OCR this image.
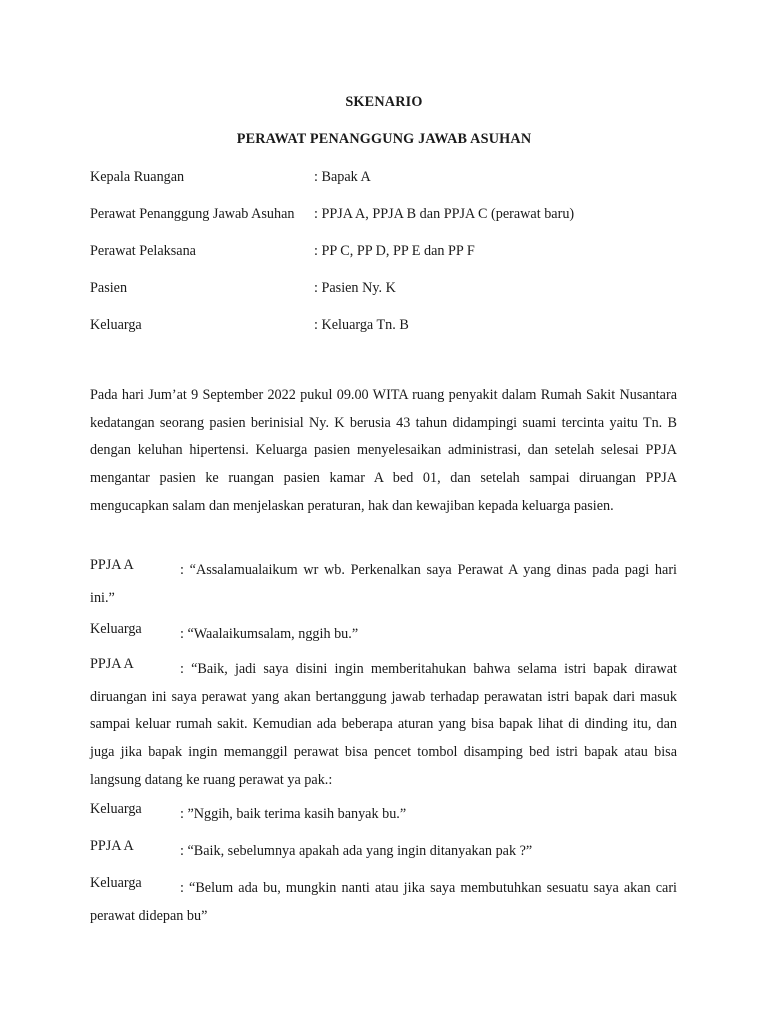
SKENARIO
PERAWAT PENANGGUNG JAWAB ASUHAN
Kepala Ruangan	: Bapak A
Perawat Penanggung Jawab Asuhan : PPJA A, PPJA B dan PPJA C (perawat baru)
Perawat Pelaksana	: PP C, PP D, PP E dan PP F
Pasien	: Pasien Ny. K
Keluarga	: Keluarga Tn. B

Pada hari Jum’at 9 September 2022 pukul 09.00 WITA ruang penyakit dalam Rumah Sakit Nusantara kedatangan seorang pasien berinisial Ny. K berusia 43 tahun didampingi suami tercinta yaitu Tn. B dengan keluhan hipertensi. Keluarga pasien menyelesaikan administrasi, dan setelah selesai PPJA mengantar pasien ke ruangan pasien kamar A bed 01, dan setelah sampai diruangan PPJA mengucapkan salam dan menjelaskan peraturan, hak dan kewajiban kepada keluarga pasien.

PPJA A	: “Assalamualaikum wr wb. Perkenalkan saya Perawat A yang dinas pada pagi hari ini.”

Keluarga	: “Waalaikumsalam, nggih bu.”

PPJA A	: “Baik, jadi saya disini ingin memberitahukan bahwa selama istri bapak dirawat diruangan ini saya perawat yang akan bertanggung jawab terhadap perawatan istri bapak dari masuk sampai keluar rumah sakit. Kemudian ada beberapa aturan yang bisa bapak lihat di dinding itu, dan juga jika bapak ingin memanggil perawat bisa pencet tombol disamping bed istri bapak atau bisa langsung datang ke ruang perawat ya pak.:

Keluarga	: ”Nggih, baik terima kasih banyak bu.”

PPJA A	: “Baik, sebelumnya apakah ada yang ingin ditanyakan pak ?”

Keluarga	: “Belum ada bu, mungkin nanti atau jika saya membutuhkan sesuatu saya akan cari perawat didepan bu”
